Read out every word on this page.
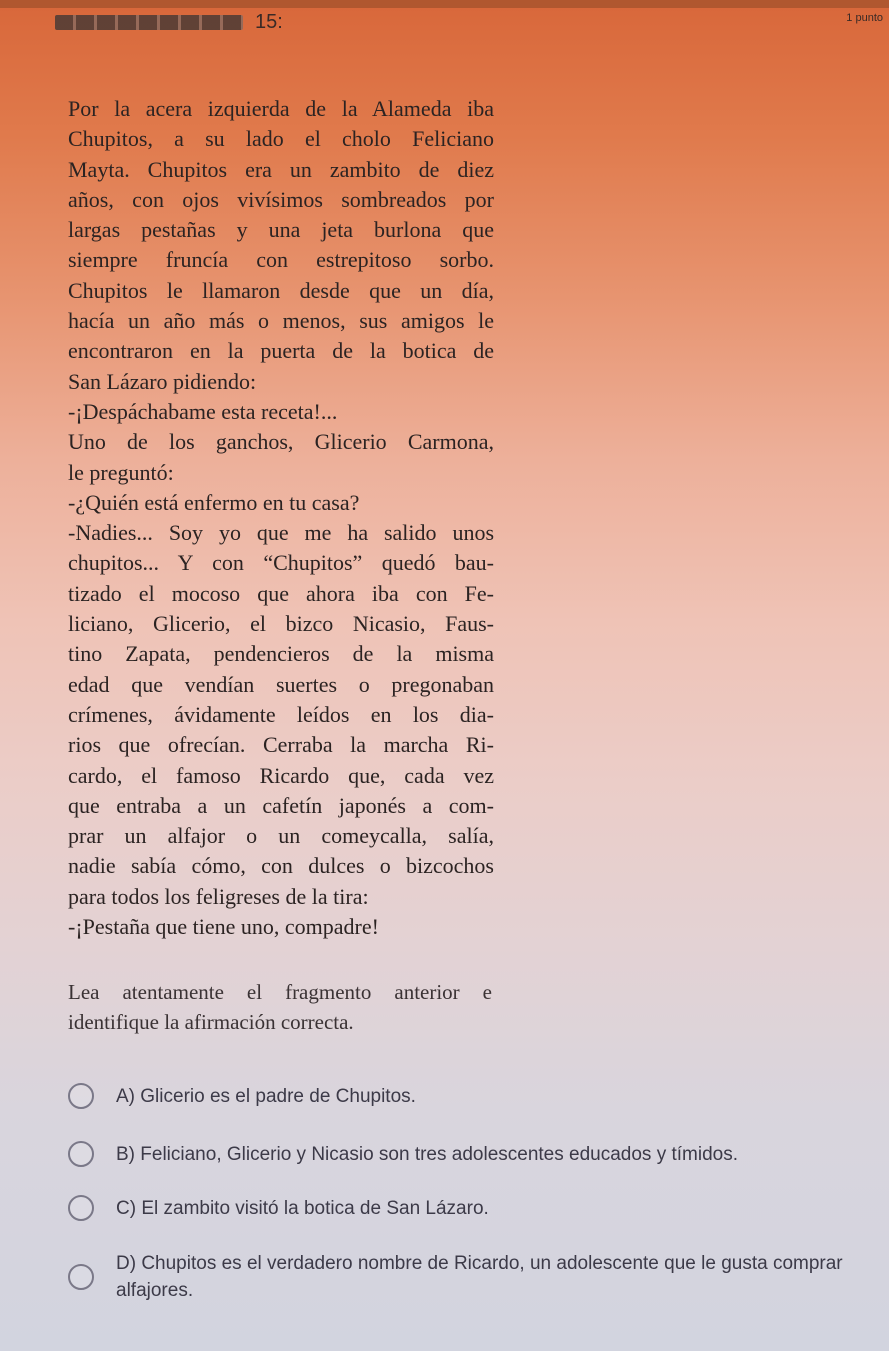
15:	1 punto
Por la acera izquierda de la Alameda iba
Chupitos, a su lado el cholo Feliciano
Mayta. Chupitos era un zambito de diez
años, con ojos vivísimos sombreados por
largas pestañas y una jeta burlona que
siempre fruncía con estrepitoso sorbo.
Chupitos le llamaron desde que un día,
hacía un año más o menos, sus amigos le
encontraron en la puerta de la botica de
San Lázaro pidiendo:
-¡Despáchabame esta receta!...
Uno de los ganchos, Glicerio Carmona,
le preguntó:
-¿Quién está enfermo en tu casa?
-Nadies... Soy yo que me ha salido unos
chupitos... Y con “Chupitos” quedó bau-
tizado el mocoso que ahora iba con Fe-
liciano, Glicerio, el bizco Nicasio, Faus-
tino Zapata, pendencieros de la misma
edad que vendían suertes o pregonaban
crímenes, ávidamente leídos en los dia-
rios que ofrecían. Cerraba la marcha Ri-
cardo, el famoso Ricardo que, cada vez
que entraba a un cafetín japonés a com-
prar un alfajor o un comeycalla, salía,
nadie sabía cómo, con dulces o bizcochos
para todos los feligreses de la tira:
-¡Pestaña que tiene uno, compadre!
Lea atentamente el fragmento anterior e
identifique la afirmación correcta.
A) Glicerio es el padre de Chupitos.
B) Feliciano, Glicerio y Nicasio son tres adolescentes educados y tímidos.
C) El zambito visitó la botica de San Lázaro.
D) Chupitos es el verdadero nombre de Ricardo, un adolescente que le gusta comprar alfajores.
